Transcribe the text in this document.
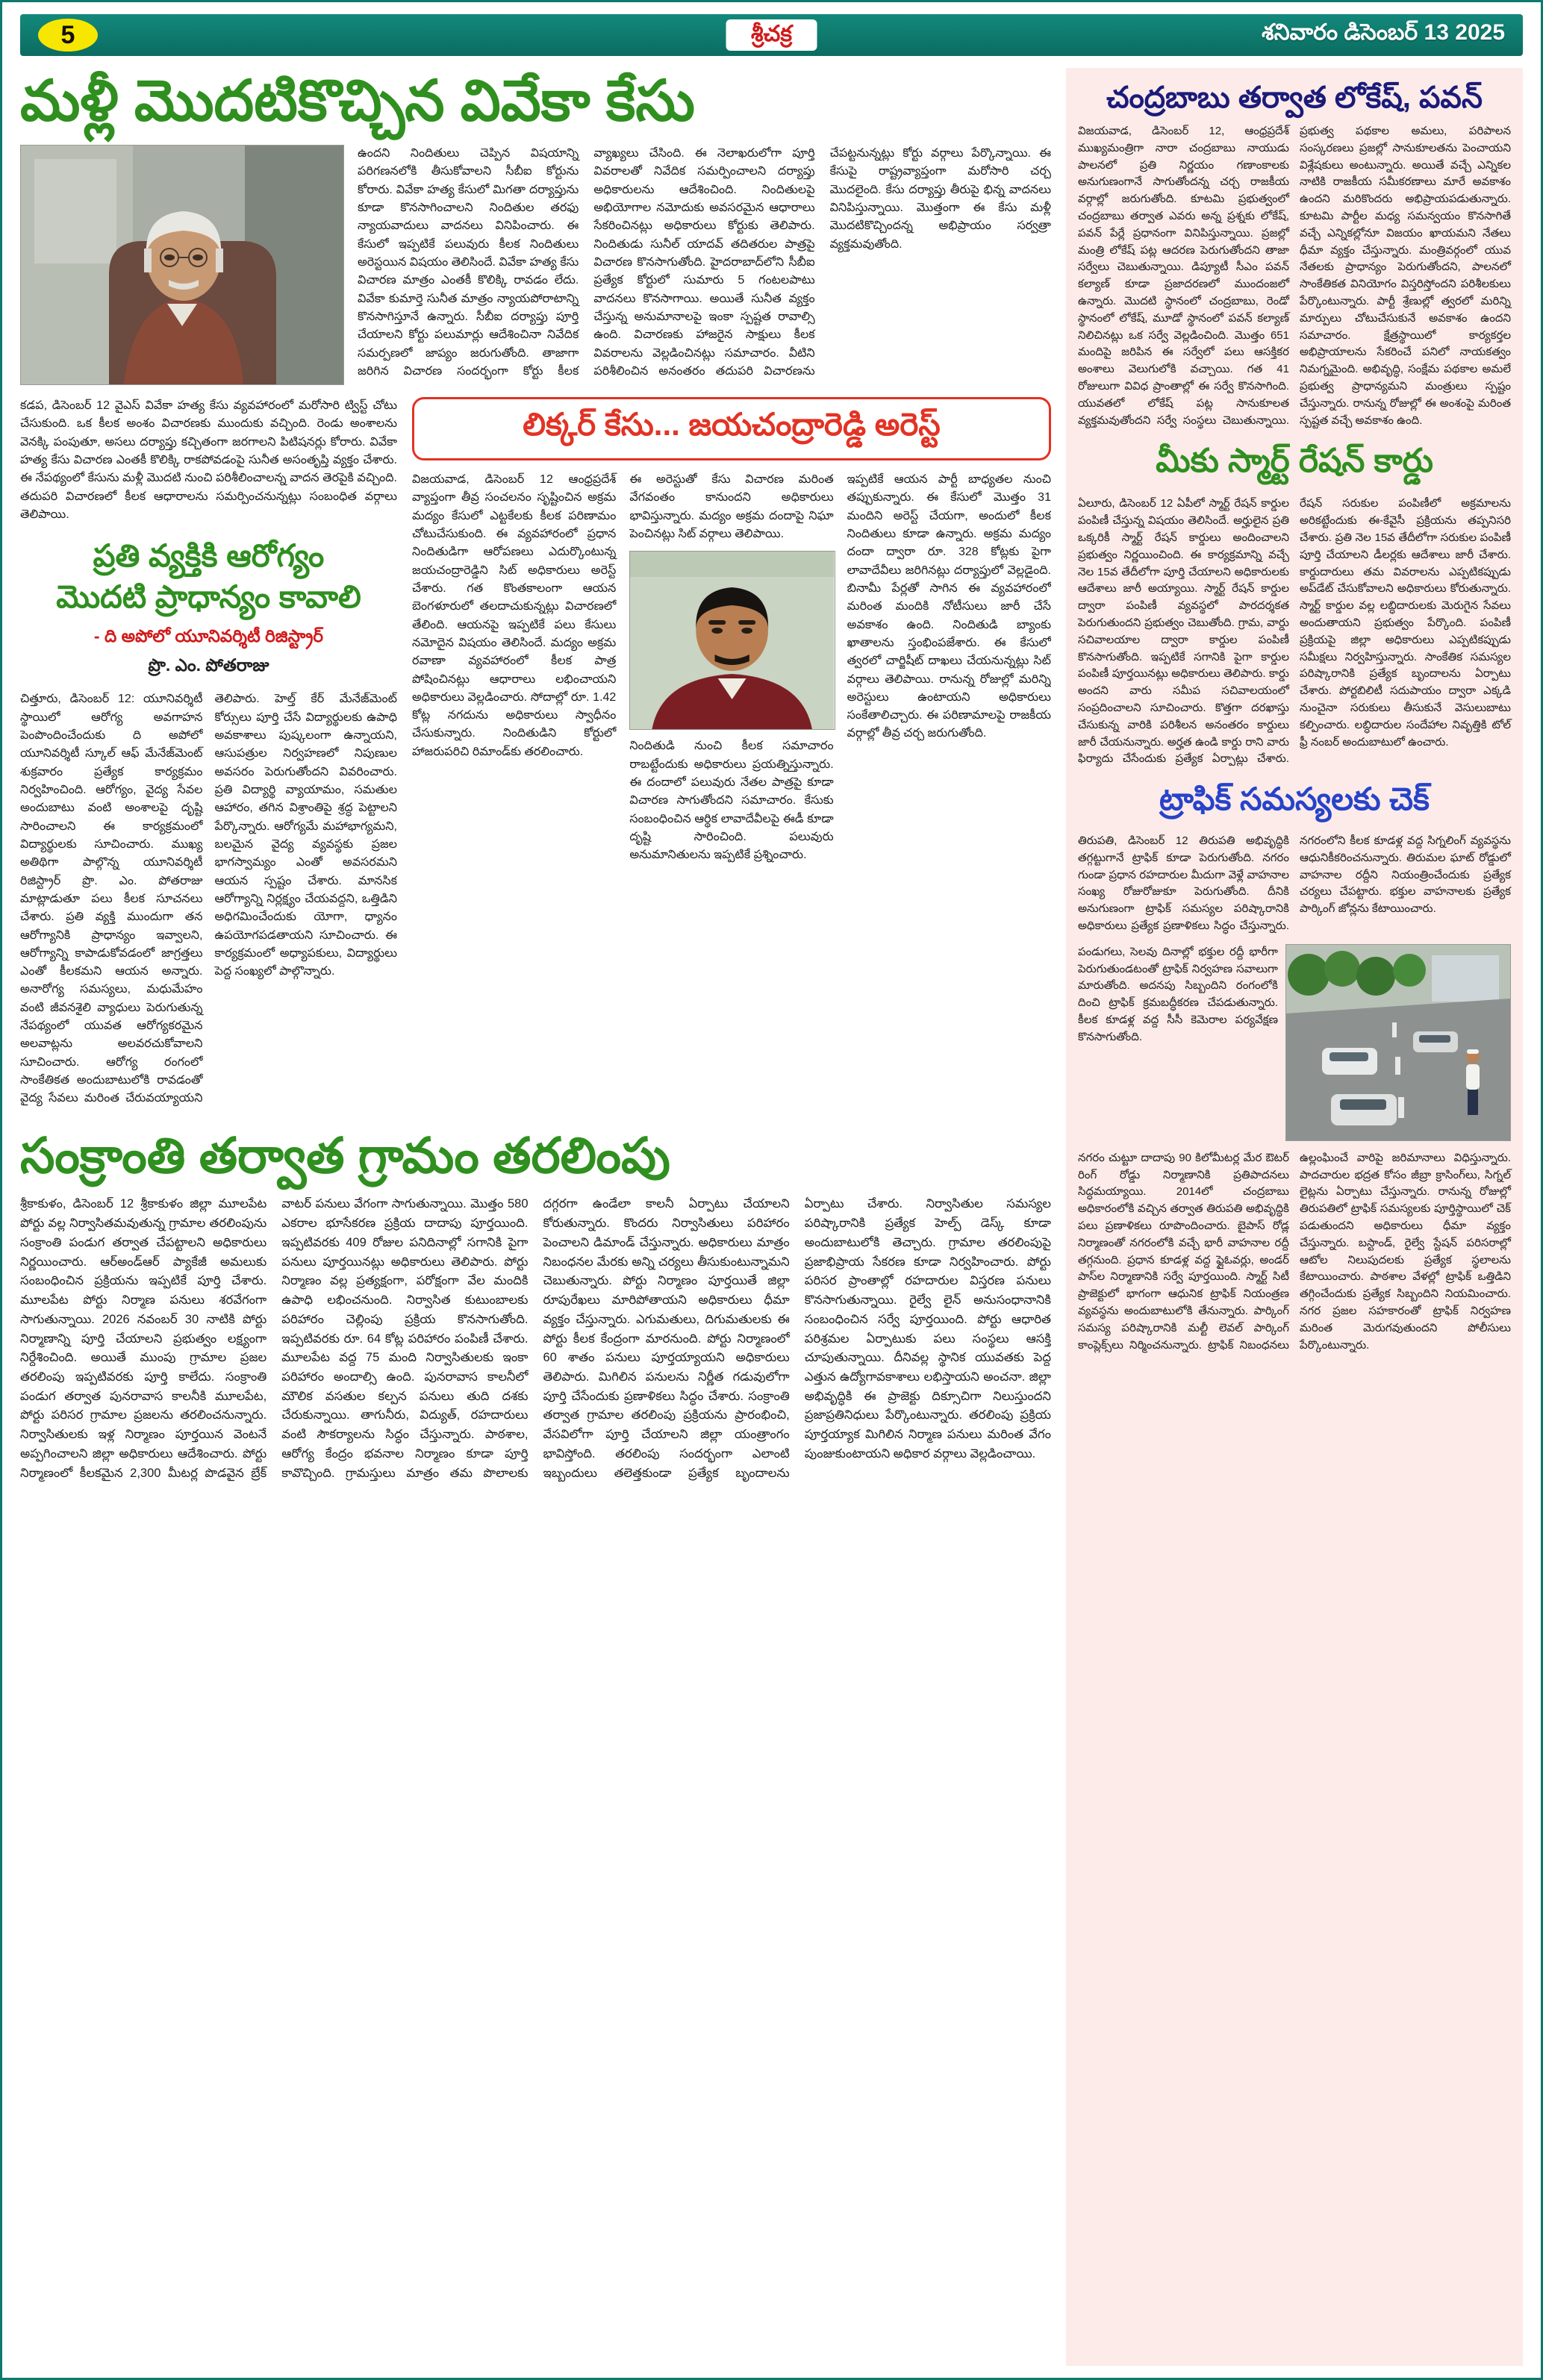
5	శ్రీచక్ర	శనివారం డిసెంబర్ 13 2025
మళ్లీ మొదటికొచ్చిన వివేకా కేసు
ఉందని నిందితులు చెప్పిన విషయాన్ని పరిగణనలోకి తీసుకోవాలని సీబీఐ కోర్టును కోరారు. వివేకా హత్య కేసులో మిగతా దర్యాప్తును కూడా కొనసాగించాలని నిందితుల తరఫు న్యాయవాదులు వాదనలు వినిపించారు. ఈ కేసులో ఇప్పటికే పలువురు కీలక నిందితులు అరెస్టయిన విషయం తెలిసిందే. వివేకా హత్య కేసు విచారణ మాత్రం ఎంతకీ కొలిక్కి రావడం లేదు. వివేకా కుమార్తె సునీత మాత్రం న్యాయపోరాటాన్ని కొనసాగిస్తూనే ఉన్నారు. సీబీఐ దర్యాప్తు పూర్తి చేయాలని కోర్టు పలుమార్లు ఆదేశించినా నివేదిక సమర్పణలో జాప్యం జరుగుతోంది. తాజాగా జరిగిన విచారణ సందర్భంగా కోర్టు కీలక వ్యాఖ్యలు చేసింది. ఈ నెలాఖరులోగా పూర్తి వివరాలతో నివేదిక సమర్పించాలని దర్యాప్తు అధికారులను ఆదేశించింది. నిందితులపై అభియోగాల నమోదుకు అవసరమైన ఆధారాలు సేకరించినట్లు అధికారులు కోర్టుకు తెలిపారు. నిందితుడు సునీల్ యాదవ్ తదితరుల పాత్రపై విచారణ కొనసాగుతోంది. హైదరాబాద్‌లోని సీబీఐ ప్రత్యేక కోర్టులో సుమారు 5 గంటలపాటు వాదనలు కొనసాగాయి. అయితే సునీత వ్యక్తం చేస్తున్న అనుమానాలపై ఇంకా స్పష్టత రావాల్సి ఉంది. విచారణకు హాజరైన సాక్షులు కీలక వివరాలను వెల్లడించినట్లు సమాచారం. వీటిని పరిశీలించిన అనంతరం తదుపరి విచారణను చేపట్టనున్నట్లు కోర్టు వర్గాలు పేర్కొన్నాయి. ఈ కేసుపై రాష్ట్రవ్యాప్తంగా మరోసారి చర్చ మొదలైంది. కేసు దర్యాప్తు తీరుపై భిన్న వాదనలు వినిపిస్తున్నాయి. మొత్తంగా ఈ కేసు మళ్లీ మొదటికొచ్చిందన్న అభిప్రాయం సర్వత్రా వ్యక్తమవుతోంది.
కడప, డిసెంబర్ 12 వైఎస్ వివేకా హత్య కేసు వ్యవహారంలో మరోసారి ట్విస్ట్ చోటు చేసుకుంది. ఒక కీలక అంశం విచారణకు ముందుకు వచ్చింది. రెండు అంశాలను వెనక్కి పంపుతూ, అసలు దర్యాప్తు కచ్చితంగా జరగాలని పిటిషనర్లు కోరారు. వివేకా హత్య కేసు విచారణ ఎంతకీ కొలిక్కి రాకపోవడంపై సునీత అసంతృప్తి వ్యక్తం చేశారు. ఈ నేపథ్యంలో కేసును మళ్లీ మొదటి నుంచి పరిశీలించాలన్న వాదన తెరపైకి వచ్చింది. తదుపరి విచారణలో కీలక ఆధారాలను సమర్పించనున్నట్లు సంబంధిత వర్గాలు తెలిపాయి.
ప్రతి వ్యక్తికి ఆరోగ్యం
మొదటి ప్రాధాన్యం కావాలి
- ది అపోలో యూనివర్శిటీ రిజిస్ట్రార్
ప్రొ. ఎం. పోతరాజు
చిత్తూరు, డిసెంబర్ 12: యూనివర్శిటీ స్థాయిలో ఆరోగ్య అవగాహన పెంపొందించేందుకు ది అపోలో యూనివర్శిటీ స్కూల్ ఆఫ్ మేనేజ్‌మెంట్ శుక్రవారం ప్రత్యేక కార్యక్రమం నిర్వహించింది. ఆరోగ్యం, వైద్య సేవల అందుబాటు వంటి అంశాలపై దృష్టి సారించాలని ఈ కార్యక్రమంలో విద్యార్థులకు సూచించారు. ముఖ్య అతిథిగా పాల్గొన్న యూనివర్శిటీ రిజిస్ట్రార్ ప్రొ. ఎం. పోతరాజు మాట్లాడుతూ పలు కీలక సూచనలు చేశారు. ప్రతి వ్యక్తి ముందుగా తన ఆరోగ్యానికి ప్రాధాన్యం ఇవ్వాలని, ఆరోగ్యాన్ని కాపాడుకోవడంలో జాగ్రత్తలు ఎంతో కీలకమని ఆయన అన్నారు. అనారోగ్య సమస్యలు, మధుమేహం వంటి జీవనశైలి వ్యాధులు పెరుగుతున్న నేపథ్యంలో యువత ఆరోగ్యకరమైన అలవాట్లను అలవరచుకోవాలని సూచించారు. ఆరోగ్య రంగంలో సాంకేతికత అందుబాటులోకి రావడంతో వైద్య సేవలు మరింత చేరువయ్యాయని తెలిపారు. హెల్త్ కేర్ మేనేజ్‌మెంట్ కోర్సులు పూర్తి చేసే విద్యార్థులకు ఉపాధి అవకాశాలు పుష్కలంగా ఉన్నాయని, ఆసుపత్రుల నిర్వహణలో నిపుణుల అవసరం పెరుగుతోందని వివరించారు. ప్రతి విద్యార్థి వ్యాయామం, సమతుల ఆహారం, తగిన విశ్రాంతిపై శ్రద్ధ పెట్టాలని పేర్కొన్నారు. ఆరోగ్యమే మహాభాగ్యమని, బలమైన వైద్య వ్యవస్థకు ప్రజల భాగస్వామ్యం ఎంతో అవసరమని ఆయన స్పష్టం చేశారు. మానసిక ఆరోగ్యాన్ని నిర్లక్ష్యం చేయవద్దని, ఒత్తిడిని అధిగమించేందుకు యోగా, ధ్యానం ఉపయోగపడతాయని సూచించారు. ఈ కార్యక్రమంలో అధ్యాపకులు, విద్యార్థులు పెద్ద సంఖ్యలో పాల్గొన్నారు.
లిక్కర్ కేసు... జయచంద్రారెడ్డి అరెస్ట్
విజయవాడ, డిసెంబర్ 12 ఆంధ్రప్రదేశ్ వ్యాప్తంగా తీవ్ర సంచలనం సృష్టించిన అక్రమ మద్యం కేసులో ఎట్టకేలకు కీలక పరిణామం చోటుచేసుకుంది. ఈ వ్యవహారంలో ప్రధాన నిందితుడిగా ఆరోపణలు ఎదుర్కొంటున్న జయచంద్రారెడ్డిని సిట్ అధికారులు అరెస్ట్ చేశారు. గత కొంతకాలంగా ఆయన బెంగళూరులో తలదాచుకున్నట్లు విచారణలో తేలింది. ఆయనపై ఇప్పటికే పలు కేసులు నమోదైన విషయం తెలిసిందే. మద్యం అక్రమ రవాణా వ్యవహారంలో కీలక పాత్ర పోషించినట్లు ఆధారాలు లభించాయని అధికారులు వెల్లడించారు. సోదాల్లో రూ. 1.42 కోట్ల నగదును అధికారులు స్వాధీనం చేసుకున్నారు. నిందితుడిని కోర్టులో హాజరుపరిచి రిమాండ్‌కు తరలించారు.
ఈ అరెస్టుతో కేసు విచారణ మరింత వేగవంతం కానుందని అధికారులు భావిస్తున్నారు. మద్యం అక్రమ దందాపై నిఘా పెంచినట్లు సిట్ వర్గాలు తెలిపాయి.
నిందితుడి నుంచి కీలక సమాచారం రాబట్టేందుకు అధికారులు ప్రయత్నిస్తున్నారు. ఈ దందాలో పలువురు నేతల పాత్రపై కూడా విచారణ సాగుతోందని సమాచారం. కేసుకు సంబంధించిన ఆర్థిక లావాదేవీలపై ఈడీ కూడా దృష్టి సారించింది. పలువురు అనుమానితులను ఇప్పటికే ప్రశ్నించారు.
ఇప్పటికే ఆయన పార్టీ బాధ్యతల నుంచి తప్పుకున్నారు. ఈ కేసులో మొత్తం 31 మందిని అరెస్ట్ చేయగా, అందులో కీలక నిందితులు కూడా ఉన్నారు. అక్రమ మద్యం దందా ద్వారా రూ. 328 కోట్లకు పైగా లావాదేవీలు జరిగినట్లు దర్యాప్తులో వెల్లడైంది. బినామీ పేర్లతో సాగిన ఈ వ్యవహారంలో మరింత మందికి నోటీసులు జారీ చేసే అవకాశం ఉంది. నిందితుడి బ్యాంకు ఖాతాలను స్తంభింపజేశారు. ఈ కేసులో త్వరలో చార్జిషీట్ దాఖలు చేయనున్నట్లు సిట్ వర్గాలు తెలిపాయి. రానున్న రోజుల్లో మరిన్ని అరెస్టులు ఉంటాయని అధికారులు సంకేతాలిచ్చారు. ఈ పరిణామాలపై రాజకీయ వర్గాల్లో తీవ్ర చర్చ జరుగుతోంది.
సంక్రాంతి తర్వాత గ్రామం తరలింపు
శ్రీకాకుళం, డిసెంబర్ 12 శ్రీకాకుళం జిల్లా మూలపేట పోర్టు వల్ల నిర్వాసితమవుతున్న గ్రామాల తరలింపును సంక్రాంతి పండుగ తర్వాత చేపట్టాలని అధికారులు నిర్ణయించారు. ఆర్అండ్ఆర్ ప్యాకేజీ అమలుకు సంబంధించిన ప్రక్రియను ఇప్పటికే పూర్తి చేశారు. మూలపేట పోర్టు నిర్మాణ పనులు శరవేగంగా సాగుతున్నాయి. 2026 నవంబర్ 30 నాటికి పోర్టు నిర్మాణాన్ని పూర్తి చేయాలని ప్రభుత్వం లక్ష్యంగా నిర్దేశించింది. అయితే ముంపు గ్రామాల ప్రజల తరలింపు ఇప్పటివరకు పూర్తి కాలేదు. సంక్రాంతి పండుగ తర్వాత పునరావాస కాలనీకి మూలపేట, పోర్టు పరిసర గ్రామాల ప్రజలను తరలించనున్నారు. నిర్వాసితులకు ఇళ్ల నిర్మాణం పూర్తయిన వెంటనే అప్పగించాలని జిల్లా అధికారులు ఆదేశించారు. పోర్టు నిర్మాణంలో కీలకమైన 2,300 మీటర్ల పొడవైన బ్రేక్ వాటర్ పనులు వేగంగా సాగుతున్నాయి. మొత్తం 580 ఎకరాల భూసేకరణ ప్రక్రియ దాదాపు పూర్తయింది. ఇప్పటివరకు 409 రోజుల పనిదినాల్లో సగానికి పైగా పనులు పూర్తయినట్లు అధికారులు తెలిపారు. పోర్టు నిర్మాణం వల్ల ప్రత్యక్షంగా, పరోక్షంగా వేల మందికి ఉపాధి లభించనుంది. నిర్వాసిత కుటుంబాలకు పరిహారం చెల్లింపు ప్రక్రియ కొనసాగుతోంది. ఇప్పటివరకు రూ. 64 కోట్ల పరిహారం పంపిణీ చేశారు. మూలపేట వద్ద 75 మంది నిర్వాసితులకు ఇంకా పరిహారం అందాల్సి ఉంది. పునరావాస కాలనీలో మౌలిక వసతుల కల్పన పనులు తుది దశకు చేరుకున్నాయి. తాగునీరు, విద్యుత్, రహదారులు వంటి సౌకర్యాలను సిద్ధం చేస్తున్నారు. పాఠశాల, ఆరోగ్య కేంద్రం భవనాల నిర్మాణం కూడా పూర్తి కావొచ్చింది. గ్రామస్తులు మాత్రం తమ పొలాలకు దగ్గరగా ఉండేలా కాలనీ ఏర్పాటు చేయాలని కోరుతున్నారు. కొందరు నిర్వాసితులు పరిహారం పెంచాలని డిమాండ్ చేస్తున్నారు. అధికారులు మాత్రం నిబంధనల మేరకు అన్ని చర్యలు తీసుకుంటున్నామని చెబుతున్నారు. పోర్టు నిర్మాణం పూర్తయితే జిల్లా రూపురేఖలు మారిపోతాయని అధికారులు ధీమా వ్యక్తం చేస్తున్నారు. ఎగుమతులు, దిగుమతులకు ఈ పోర్టు కీలక కేంద్రంగా మారనుంది. పోర్టు నిర్మాణంలో 60 శాతం పనులు పూర్తయ్యాయని అధికారులు తెలిపారు. మిగిలిన పనులను నిర్ణీత గడువులోగా పూర్తి చేసేందుకు ప్రణాళికలు సిద్ధం చేశారు. సంక్రాంతి తర్వాత గ్రామాల తరలింపు ప్రక్రియను ప్రారంభించి, వేసవిలోగా పూర్తి చేయాలని జిల్లా యంత్రాంగం భావిస్తోంది. తరలింపు సందర్భంగా ఎలాంటి ఇబ్బందులు తలెత్తకుండా ప్రత్యేక బృందాలను ఏర్పాటు చేశారు. నిర్వాసితుల సమస్యల పరిష్కారానికి ప్రత్యేక హెల్ప్ డెస్క్ కూడా అందుబాటులోకి తెచ్చారు. గ్రామాల తరలింపుపై ప్రజాభిప్రాయ సేకరణ కూడా నిర్వహించారు. పోర్టు పరిసర ప్రాంతాల్లో రహదారుల విస్తరణ పనులు కొనసాగుతున్నాయి. రైల్వే లైన్ అనుసంధానానికి సంబంధించిన సర్వే పూర్తయింది. పోర్టు ఆధారిత పరిశ్రమల ఏర్పాటుకు పలు సంస్థలు ఆసక్తి చూపుతున్నాయి. దీనివల్ల స్థానిక యువతకు పెద్ద ఎత్తున ఉద్యోగావకాశాలు లభిస్తాయని అంచనా. జిల్లా అభివృద్ధికి ఈ ప్రాజెక్టు దిక్సూచిగా నిలుస్తుందని ప్రజాప్రతినిధులు పేర్కొంటున్నారు. తరలింపు ప్రక్రియ పూర్తయ్యాక మిగిలిన నిర్మాణ పనులు మరింత వేగం పుంజుకుంటాయని అధికార వర్గాలు వెల్లడించాయి.
చంద్రబాబు తర్వాత లోకేష్, పవన్
విజయవాడ, డిసెంబర్ 12, ఆంధ్రప్రదేశ్ ముఖ్యమంత్రిగా నారా చంద్రబాబు నాయుడు పాలనలో ప్రతి నిర్ణయం గణాంకాలకు అనుగుణంగానే సాగుతోందన్న చర్చ రాజకీయ వర్గాల్లో జరుగుతోంది. కూటమి ప్రభుత్వంలో చంద్రబాబు తర్వాత ఎవరు అన్న ప్రశ్నకు లోకేష్, పవన్ పేర్లే ప్రధానంగా వినిపిస్తున్నాయి. ప్రజల్లో మంత్రి లోకేష్ పట్ల ఆదరణ పెరుగుతోందని తాజా సర్వేలు చెబుతున్నాయి. డిప్యూటీ సీఎం పవన్ కల్యాణ్ కూడా ప్రజాదరణలో ముందంజలో ఉన్నారు. మొదటి స్థానంలో చంద్రబాబు, రెండో స్థానంలో లోకేష్, మూడో స్థానంలో పవన్ కల్యాణ్ నిలిచినట్లు ఒక సర్వే వెల్లడించింది. మొత్తం 651 మందిపై జరిపిన ఈ సర్వేలో పలు ఆసక్తికర అంశాలు వెలుగులోకి వచ్చాయి. గత 41 రోజులుగా వివిధ ప్రాంతాల్లో ఈ సర్వే కొనసాగింది. యువతలో లోకేష్ పట్ల సానుకూలత వ్యక్తమవుతోందని సర్వే సంస్థలు చెబుతున్నాయి. ప్రభుత్వ పథకాల అమలు, పరిపాలన సంస్కరణలు ప్రజల్లో సానుకూలతను పెంచాయని విశ్లేషకులు అంటున్నారు. అయితే వచ్చే ఎన్నికల నాటికి రాజకీయ సమీకరణాలు మారే అవకాశం ఉందని మరికొందరు అభిప్రాయపడుతున్నారు. కూటమి పార్టీల మధ్య సమన్వయం కొనసాగితే వచ్చే ఎన్నికల్లోనూ విజయం ఖాయమని నేతలు ధీమా వ్యక్తం చేస్తున్నారు. మంత్రివర్గంలో యువ నేతలకు ప్రాధాన్యం పెరుగుతోందని, పాలనలో సాంకేతికత వినియోగం విస్తరిస్తోందని పరిశీలకులు పేర్కొంటున్నారు. పార్టీ శ్రేణుల్లో త్వరలో మరిన్ని మార్పులు చోటుచేసుకునే అవకాశం ఉందని సమాచారం. క్షేత్రస్థాయిలో కార్యకర్తల అభిప్రాయాలను సేకరించే పనిలో నాయకత్వం నిమగ్నమైంది. అభివృద్ధి, సంక్షేమ పథకాల అమలే ప్రభుత్వ ప్రాధాన్యమని మంత్రులు స్పష్టం చేస్తున్నారు. రానున్న రోజుల్లో ఈ అంశంపై మరింత స్పష్టత వచ్చే అవకాశం ఉంది.
మీకు స్మార్ట్ రేషన్ కార్డు
ఏలూరు, డిసెంబర్ 12 ఏపీలో స్మార్ట్ రేషన్ కార్డుల పంపిణీ చేస్తున్న విషయం తెలిసిందే. అర్హులైన ప్రతి ఒక్కరికీ స్మార్ట్ రేషన్ కార్డులు అందించాలని ప్రభుత్వం నిర్ణయించింది. ఈ కార్యక్రమాన్ని వచ్చే నెల 15వ తేదీలోగా పూర్తి చేయాలని అధికారులకు ఆదేశాలు జారీ అయ్యాయి. స్మార్ట్ రేషన్ కార్డుల ద్వారా పంపిణీ వ్యవస్థలో పారదర్శకత పెరుగుతుందని ప్రభుత్వం చెబుతోంది. గ్రామ, వార్డు సచివాలయాల ద్వారా కార్డుల పంపిణీ కొనసాగుతోంది. ఇప్పటికే సగానికి పైగా కార్డుల పంపిణీ పూర్తయినట్లు అధికారులు తెలిపారు. కార్డు అందని వారు సమీప సచివాలయంలో సంప్రదించాలని సూచించారు. కొత్తగా దరఖాస్తు చేసుకున్న వారికి పరిశీలన అనంతరం కార్డులు జారీ చేయనున్నారు. అర్హత ఉండి కార్డు రాని వారు ఫిర్యాదు చేసేందుకు ప్రత్యేక ఏర్పాట్లు చేశారు. రేషన్ సరుకుల పంపిణీలో అక్రమాలను అరికట్టేందుకు ఈ-కేవైసీ ప్రక్రియను తప్పనిసరి చేశారు. ప్రతి నెల 15వ తేదీలోగా సరుకుల పంపిణీ పూర్తి చేయాలని డీలర్లకు ఆదేశాలు జారీ చేశారు. కార్డుదారులు తమ వివరాలను ఎప్పటికప్పుడు అప్‌డేట్ చేసుకోవాలని అధికారులు కోరుతున్నారు. స్మార్ట్ కార్డుల వల్ల లబ్ధిదారులకు మెరుగైన సేవలు అందుతాయని ప్రభుత్వం పేర్కొంది. పంపిణీ ప్రక్రియపై జిల్లా అధికారులు ఎప్పటికప్పుడు సమీక్షలు నిర్వహిస్తున్నారు. సాంకేతిక సమస్యల పరిష్కారానికి ప్రత్యేక బృందాలను ఏర్పాటు చేశారు. పోర్టబిలిటీ సదుపాయం ద్వారా ఎక్కడి నుంచైనా సరుకులు తీసుకునే వెసులుబాటు కల్పించారు. లబ్ధిదారుల సందేహాల నివృత్తికి టోల్ ఫ్రీ నంబర్ అందుబాటులో ఉంచారు.
ట్రాఫిక్ సమస్యలకు చెక్
తిరుపతి, డిసెంబర్ 12 తిరుపతి అభివృద్ధికి తగ్గట్టుగానే ట్రాఫిక్ కూడా పెరుగుతోంది. నగరం గుండా ప్రధాన రహదారుల మీదుగా వెళ్లే వాహనాల సంఖ్య రోజురోజుకూ పెరుగుతోంది. దీనికి అనుగుణంగా ట్రాఫిక్ సమస్యల పరిష్కారానికి అధికారులు ప్రత్యేక ప్రణాళికలు సిద్ధం చేస్తున్నారు. నగరంలోని కీలక కూడళ్ల వద్ద సిగ్నలింగ్ వ్యవస్థను ఆధునికీకరించనున్నారు. తిరుమల ఘాట్ రోడ్డులో వాహనాల రద్దీని నియంత్రించేందుకు ప్రత్యేక చర్యలు చేపట్టారు. భక్తుల వాహనాలకు ప్రత్యేక పార్కింగ్ జోన్లను కేటాయించారు.
పండుగలు, సెలవు దినాల్లో భక్తుల రద్దీ భారీగా పెరుగుతుండటంతో ట్రాఫిక్ నిర్వహణ సవాలుగా మారుతోంది. అదనపు సిబ్బందిని రంగంలోకి దించి ట్రాఫిక్ క్రమబద్ధీకరణ చేపడుతున్నారు. కీలక కూడళ్ల వద్ద సీసీ కెమెరాల పర్యవేక్షణ కొనసాగుతోంది.
నగరం చుట్టూ దాదాపు 90 కిలోమీటర్ల మేర ఔటర్ రింగ్ రోడ్డు నిర్మాణానికి ప్రతిపాదనలు సిద్ధమయ్యాయి. 2014లో చంద్రబాబు అధికారంలోకి వచ్చిన తర్వాత తిరుపతి అభివృద్ధికి పలు ప్రణాళికలు రూపొందించారు. బైపాస్ రోడ్ల నిర్మాణంతో నగరంలోకి వచ్చే భారీ వాహనాల రద్దీ తగ్గనుంది. ప్రధాన కూడళ్ల వద్ద ఫ్లైఓవర్లు, అండర్ పాస్‌ల నిర్మాణానికి సర్వే పూర్తయింది. స్మార్ట్ సిటీ ప్రాజెక్టులో భాగంగా ఆధునిక ట్రాఫిక్ నియంత్రణ వ్యవస్థను అందుబాటులోకి తేనున్నారు. పార్కింగ్ సమస్య పరిష్కారానికి మల్టీ లెవల్ పార్కింగ్ కాంప్లెక్స్‌లు నిర్మించనున్నారు. ట్రాఫిక్ నిబంధనలు ఉల్లంఘించే వారిపై జరిమానాలు విధిస్తున్నారు. పాదచారుల భద్రత కోసం జీబ్రా క్రాసింగ్‌లు, సిగ్నల్ లైట్లను ఏర్పాటు చేస్తున్నారు. రానున్న రోజుల్లో తిరుపతిలో ట్రాఫిక్ సమస్యలకు పూర్తిస్థాయిలో చెక్ పడుతుందని అధికారులు ధీమా వ్యక్తం చేస్తున్నారు. బస్టాండ్, రైల్వే స్టేషన్ పరిసరాల్లో ఆటోల నిలుపుదలకు ప్రత్యేక స్థలాలను కేటాయించారు. పాఠశాల వేళల్లో ట్రాఫిక్ ఒత్తిడిని తగ్గించేందుకు ప్రత్యేక సిబ్బందిని నియమించారు. నగర ప్రజల సహకారంతో ట్రాఫిక్ నిర్వహణ మరింత మెరుగవుతుందని పోలీసులు పేర్కొంటున్నారు.
